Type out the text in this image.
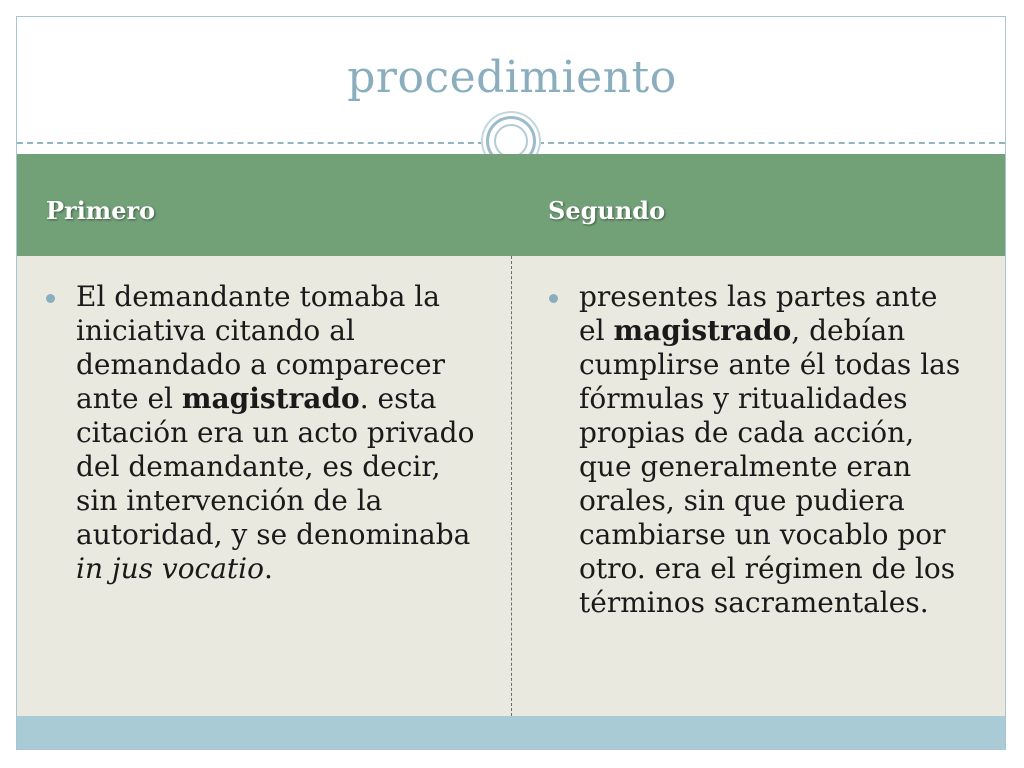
procedimiento
Primero	Segundo
El demandante tomaba la iniciativa citando al demandado a comparecer ante el magistrado. esta citación era un acto privado del demandante, es decir, sin intervención de la autoridad, y se denominaba in jus vocatio.
presentes las partes ante el magistrado, debían cumplirse ante él todas las fórmulas y ritualidades propias de cada acción, que generalmente eran orales, sin que pudiera cambiarse un vocablo por otro. era el régimen de los términos sacramentales.
